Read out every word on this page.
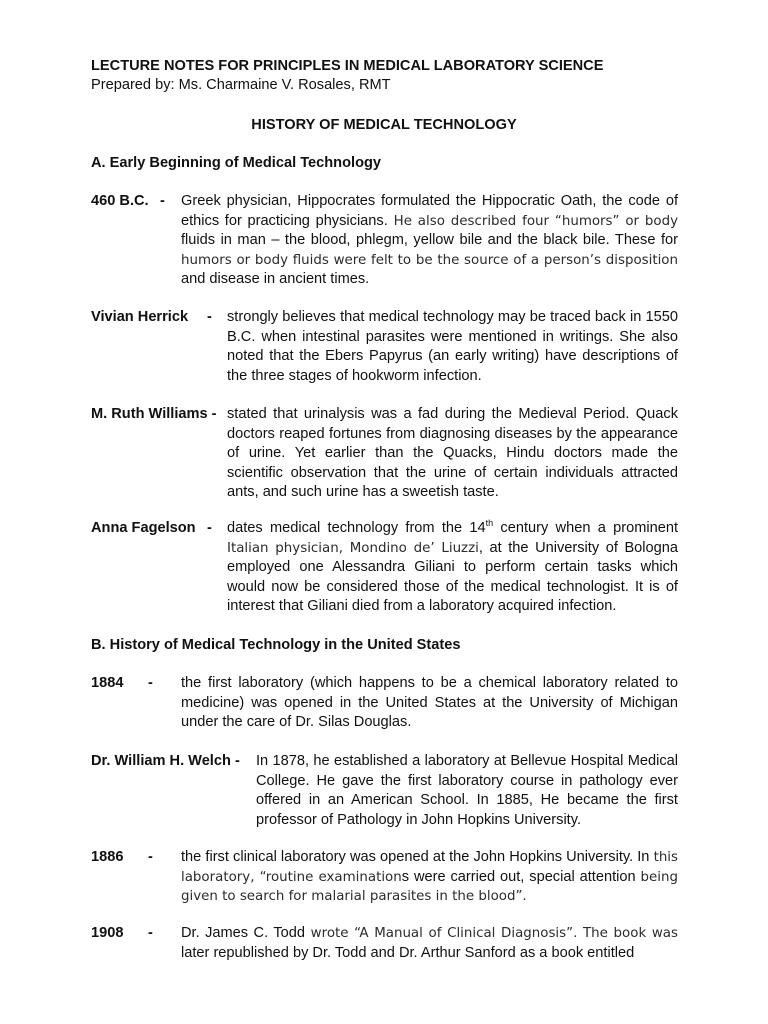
LECTURE NOTES FOR PRINCIPLES IN MEDICAL LABORATORY SCIENCE
Prepared by: Ms. Charmaine V. Rosales, RMT
HISTORY OF MEDICAL TECHNOLOGY
A. Early Beginning of Medical Technology
460 B.C. - Greek physician, Hippocrates formulated the Hippocratic Oath, the code of ethics for practicing physicians. He also described four “humors” or body fluids in man – the blood, phlegm, yellow bile and the black bile. These for humors or body fluids were felt to be the source of a person’s disposition and disease in ancient times.
Vivian Herrick - strongly believes that medical technology may be traced back in 1550 B.C. when intestinal parasites were mentioned in writings. She also noted that the Ebers Papyrus (an early writing) have descriptions of the three stages of hookworm infection.
M. Ruth Williams - stated that urinalysis was a fad during the Medieval Period. Quack doctors reaped fortunes from diagnosing diseases by the appearance of urine. Yet earlier than the Quacks, Hindu doctors made the scientific observation that the urine of certain individuals attracted ants, and such urine has a sweetish taste.
Anna Fagelson - dates medical technology from the 14th century when a prominent Italian physician, Mondino de’ Liuzzi, at the University of Bologna employed one Alessandra Giliani to perform certain tasks which would now be considered those of the medical technologist. It is of interest that Giliani died from a laboratory acquired infection.
B. History of Medical Technology in the United States
1884 - the first laboratory (which happens to be a chemical laboratory related to medicine) was opened in the United States at the University of Michigan under the care of Dr. Silas Douglas.
Dr. William H. Welch - In 1878, he established a laboratory at Bellevue Hospital Medical College. He gave the first laboratory course in pathology ever offered in an American School. In 1885, He became the first professor of Pathology in John Hopkins University.
1886 - the first clinical laboratory was opened at the John Hopkins University. In this laboratory, “routine examinations were carried out, special attention being given to search for malarial parasites in the blood”.
1908 - Dr. James C. Todd wrote “A Manual of Clinical Diagnosis”. The book was later republished by Dr. Todd and Dr. Arthur Sanford as a book entitled
